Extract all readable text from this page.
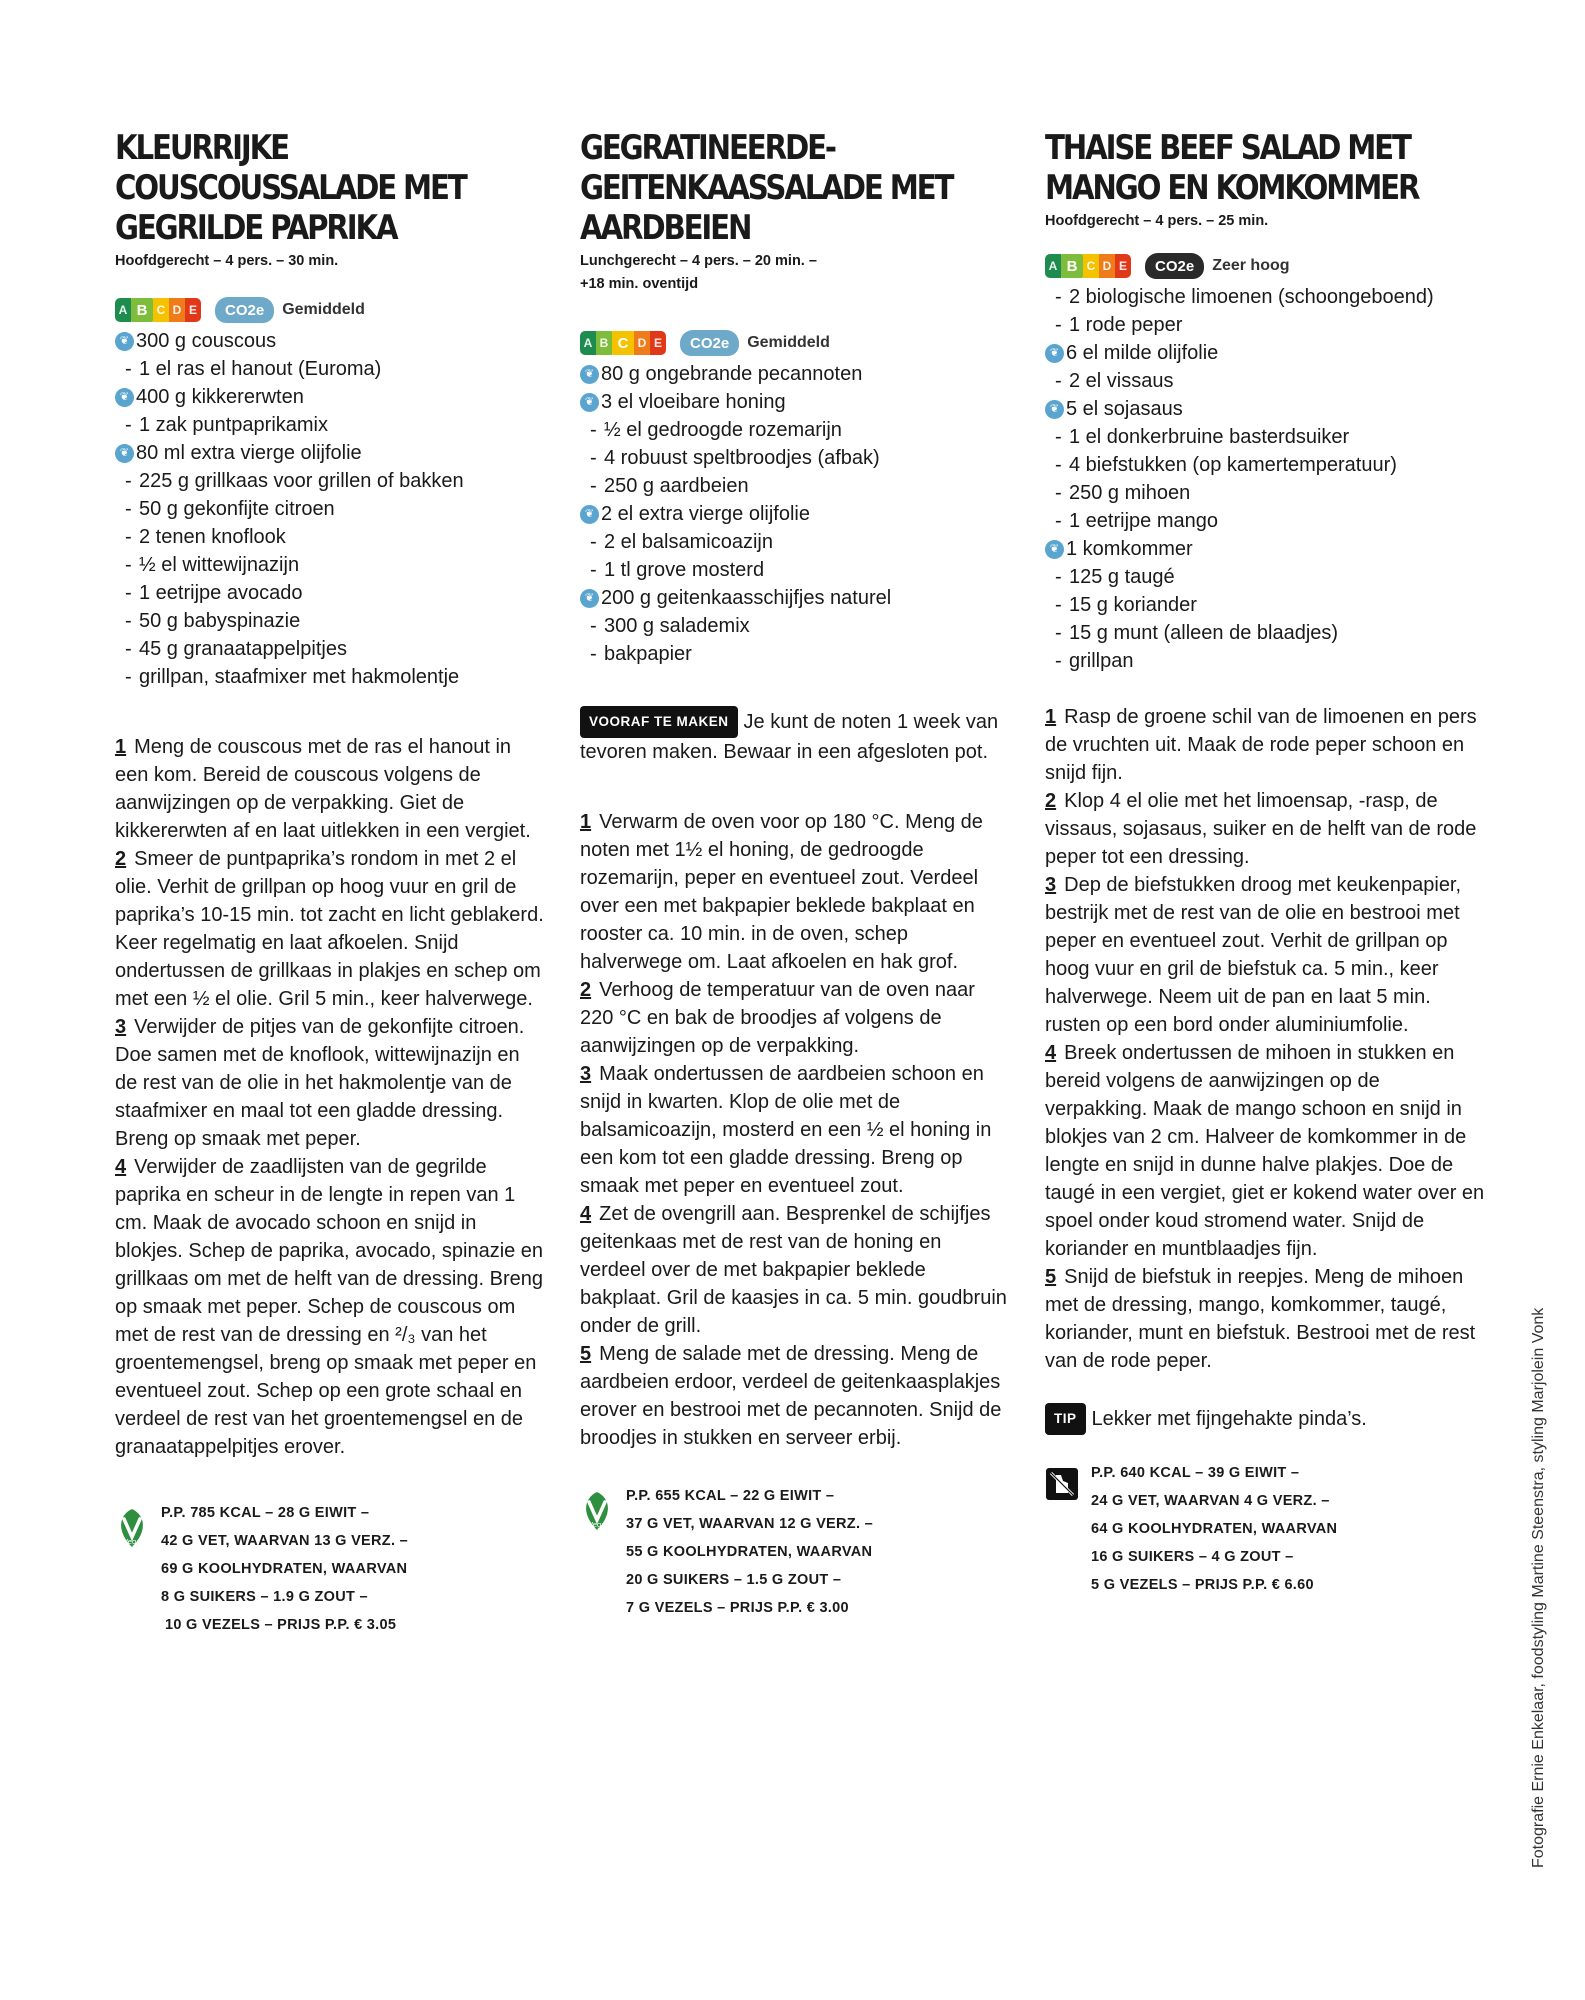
KLEURRIJKE COUSCOUSSALADE MET GEGRILDE PAPRIKA
Hoofdgerecht – 4 pers. – 30 min.
A B C D E	CO2e	Gemiddeld
❦ 300 g couscous
- 1 el ras el hanout (Euroma)
❦ 400 g kikkererwten
- 1 zak puntpaprikamix
❦ 80 ml extra vierge olijfolie
- 225 g grillkaas voor grillen of bakken
- 50 g gekonfijte citroen
- 2 tenen knoflook
- ½ el wittewijnazijn
- 1 eetrijpe avocado
- 50 g babyspinazie
- 45 g granaatappelpitjes
- grillpan, staafmixer met hakmolentje

1 Meng de couscous met de ras el hanout in een kom. Bereid de couscous volgens de aanwijzingen op de verpakking. Giet de kikkererwten af en laat uitlekken in een vergiet.

2 Smeer de puntpaprika’s rondom in met 2 el olie. Verhit de grillpan op hoog vuur en gril de paprika’s 10-15 min. tot zacht en licht geblakerd. Keer regelmatig en laat afkoelen. Snijd ondertussen de grillkaas in plakjes en schep om met een ½ el olie. Gril 5 min., keer halverwege.

3 Verwijder de pitjes van de gekonfijte citroen. Doe samen met de knoflook, wittewijnazijn en de rest van de olie in het hakmolentje van de staafmixer en maal tot een gladde dressing. Breng op smaak met peper.

4 Verwijder de zaadlijsten van de gegrilde paprika en scheur in de lengte in repen van 1 cm. Maak de avocado schoon en snijd in blokjes. Schep de paprika, avocado, spinazie en grillkaas om met de helft van de dressing. Breng op smaak met peper. Schep de couscous om met de rest van de dressing en ²/₃ van het groentemengsel, breng op smaak met peper en eventueel zout. Schep op een grote schaal en verdeel de rest van het groentemengsel en de granaatappelpitjes erover.

Vega

P.P. 785 KCAL – 28 G EIWIT –

42 G VET, WAARVAN 13 G VERZ. –

69 G KOOLHYDRATEN, WAARVAN

8 G SUIKERS – 1.9 G ZOUT –

10 G VEZELS – PRIJS P.P. € 3.05

GEGRATINEERDE-GEITENKAASSALADE MET AARDBEIEN
Lunchgerecht – 4 pers. – 20 min. –
+18 min. oventijd
A B C D E	CO2e	Gemiddeld
❦ 80 g ongebrande pecannoten
❦ 3 el vloeibare honing
- ½ el gedroogde rozemarijn
- 4 robuust speltbroodjes (afbak)
- 250 g aardbeien
❦ 2 el extra vierge olijfolie
- 2 el balsamicoazijn
- 1 tl grove mosterd
❦ 200 g geitenkaasschijfjes naturel
- 300 g salademix
- bakpapier
VOORAF TE MAKEN Je kunt de noten 1 week van tevoren maken. Bewaar in een afgesloten pot.

1 Verwarm de oven voor op 180 °C. Meng de noten met 1½ el honing, de gedroogde rozemarijn, peper en eventueel zout. Verdeel over een met bakpapier beklede bakplaat en rooster ca. 10 min. in de oven, schep halverwege om. Laat afkoelen en hak grof.

2 Verhoog de temperatuur van de oven naar 220 °C en bak de broodjes af volgens de aanwijzingen op de verpakking.

3 Maak ondertussen de aardbeien schoon en snijd in kwarten. Klop de olie met de balsamicoazijn, mosterd en een ½ el honing in een kom tot een gladde dressing. Breng op smaak met peper en eventueel zout.

4 Zet de ovengrill aan. Besprenkel de schijfjes geitenkaas met de rest van de honing en verdeel over de met bakpapier beklede bakplaat. Gril de kaasjes in ca. 5 min. goudbruin onder de grill.

5 Meng de salade met de dressing. Meng de aardbeien erdoor, verdeel de geitenkaasplakjes erover en bestrooi met de pecannoten. Snijd de broodjes in stukken en serveer erbij.

Vega

P.P. 655 KCAL – 22 G EIWIT –

37 G VET, WAARVAN 12 G VERZ. –

55 G KOOLHYDRATEN, WAARVAN

20 G SUIKERS – 1.5 G ZOUT –

7 G VEZELS – PRIJS P.P. € 3.00

THAISE BEEF SALAD MET MANGO EN KOMKOMMER
Hoofdgerecht – 4 pers. – 25 min.
A B C D E	CO2e	Zeer hoog
- 2 biologische limoenen (schoongeboend)
- 1 rode peper
❦ 6 el milde olijfolie
- 2 el vissaus
❦ 5 el sojasaus
- 1 el donkerbruine basterdsuiker
- 4 biefstukken (op kamertemperatuur)
- 250 g mihoen
- 1 eetrijpe mango
❦ 1 komkommer
- 125 g taugé
- 15 g koriander
- 15 g munt (alleen de blaadjes)
- grillpan

1 Rasp de groene schil van de limoenen en pers de vruchten uit. Maak de rode peper schoon en snijd fijn.

2 Klop 4 el olie met het limoensap, -rasp, de vissaus, sojasaus, suiker en de helft van de rode peper tot een dressing.

3 Dep de biefstukken droog met keukenpapier, bestrijk met de rest van de olie en bestrooi met peper en eventueel zout. Verhit de grillpan op hoog vuur en gril de biefstuk ca. 5 min., keer halverwege. Neem uit de pan en laat 5 min. rusten op een bord onder aluminiumfolie.

4 Breek ondertussen de mihoen in stukken en bereid volgens de aanwijzingen op de verpakking. Maak de mango schoon en snijd in blokjes van 2 cm. Halveer de komkommer in de lengte en snijd in dunne halve plakjes. Doe de taugé in een vergiet, giet er kokend water over en spoel onder koud stromend water. Snijd de koriander en muntblaadjes fijn.

5 Snijd de biefstuk in reepjes. Meng de mihoen met de dressing, mango, komkommer, taugé, koriander, munt en biefstuk. Bestrooi met de rest van de rode peper.

TIP Lekker met fijngehakte pinda’s.

P.P. 640 KCAL – 39 G EIWIT –

24 G VET, WAARVAN 4 G VERZ. –

64 G KOOLHYDRATEN, WAARVAN

16 G SUIKERS – 4 G ZOUT –

5 G VEZELS – PRIJS P.P. € 6.60	Fotografie Ernie Enkelaar, foodstyling Martine Steenstra, styling Marjolein Vonk
